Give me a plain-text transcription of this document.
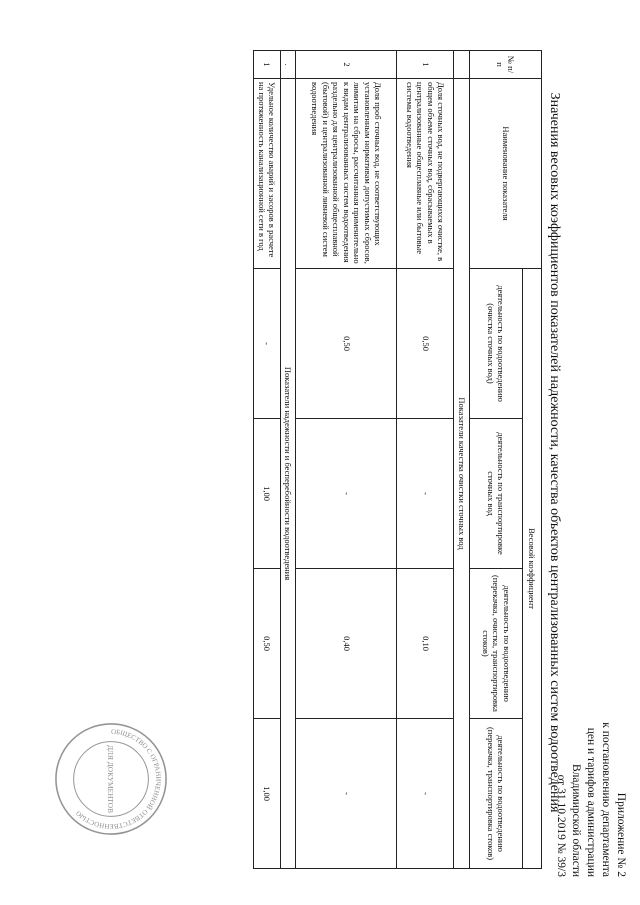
Приложение № 2
к постановлению департамента
цен и тарифов администрации
Владимирской области
от 31.10.2019 № 39/3
Значения весовых коэффициентов показателей надежности, качества объектов централизованных систем водоотведения
№ п/п	Наименование показателя	Весовой коэффициент			
		деятельность по водоотведению (очистка сточных вод)	деятельность по транспортировке сточных вод	деятельность по водоотведению (перекачка, очистка, транспортировка стоков)	деятельность по водоотведению (перекачка, транспортировка стоков)
	Показатели качества очистки сточных вод				
1	Доля сточных вод, не подвергающихся очистке, в общем объеме сточных вод, сбрасываемых в централизованные общесплавные или бытовые системы водоотведения	0,50	-	0,10	-
2	Доля проб сточных вод, не соответствующих установленным нормативам допустимых сбросов, лимитам на сбросы, рассчитанная применительно к видам централизованных систем водоотведения раздельно для централизованной общесплавной (бытовой) и централизованной ливневой систем водоотведения	0,50	-	0,40	-
.	Показатели надежности и бесперебойности водоотведения				
1	Удельное количество аварий и засоров в расчете на протяженность канализационной сети в год	-	1,00	0,50	1,00
ОБЩЕСТВО С ОГРАНИЧЕННОЙ ОТВЕТСТВЕННОСТЬЮ
ДЛЯ ДОКУМЕНТОВ
